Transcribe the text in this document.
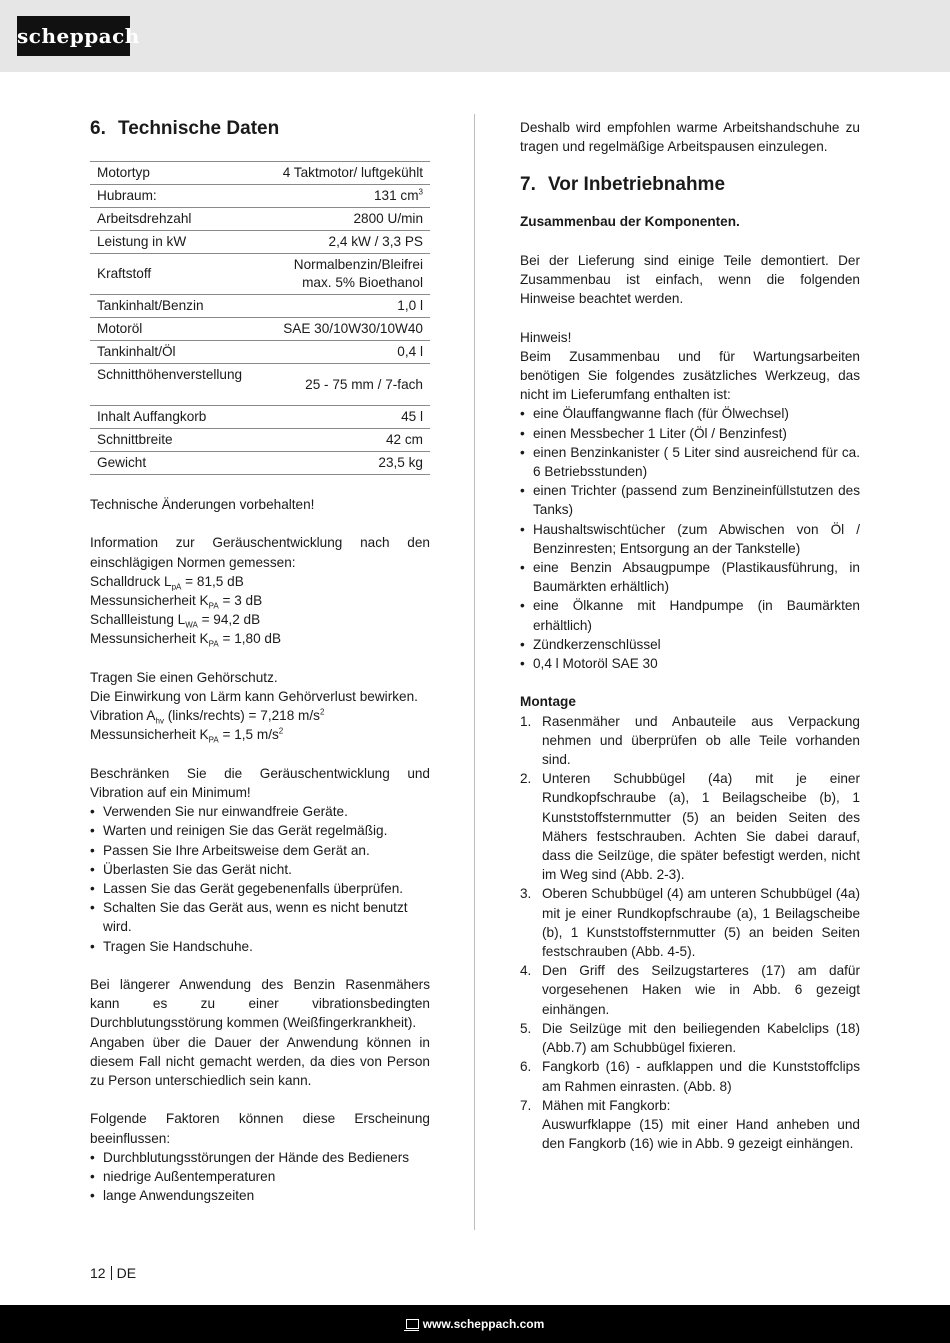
scheppach
6. Technische Daten
Motortyp	4 Taktmotor/ luftgekühlt
Hubraum:	131 $cm^3$
Arbeitsdrehzahl	2800 U/min
Leistung in kW	2,4 kW / 3,3 PS
Kraftstoff	Normalbenzin/Bleifrei
max. 5% Bioethanol

Tankinhalt/Benzin	1,0 l
Motoröl	SAE 30/10W30/10W40
Tankinhalt/Öl	0,4 l
Schnitthöhenverstellung	25 - 75 mm / 7-fach
Inhalt Auffangkorb	45 l
Schnittbreite	42 cm
Gewicht	23,5 kg

Technische Änderungen vorbehalten!

Information zur Geräuschentwicklung nach den einschlägigen Normen gemessen:

Schalldruck $L_{pA} = 81,5$ dB

Messunsicherheit $K_{PA} = 3$ dB

Schallleistung $L_{WA} = 94,2$ dB

Messunsicherheit $K_{PA} = 1,80$ dB

Tragen Sie einen Gehörschutz.

Die Einwirkung von Lärm kann Gehörverlust bewirken.

Vibration $A_{hv}$ (links/rechts) = 7,218 $m/s^2$

Messunsicherheit $K_{PA} = 1,5$ $m/s^2$

Beschränken Sie die Geräuschentwicklung und Vibration auf ein Minimum!

• Verwenden Sie nur einwandfreie Geräte.
• Warten und reinigen Sie das Gerät regelmäßig.
• Passen Sie Ihre Arbeitsweise dem Gerät an.
• Überlasten Sie das Gerät nicht.
• Lassen Sie das Gerät gegebenenfalls überprüfen.
• Schalten Sie das Gerät aus, wenn es nicht benutzt wird.
• Tragen Sie Handschuhe.

Bei längerer Anwendung des Benzin Rasenmähers kann es zu einer vibrationsbedingten Durchblutungsstörung kommen (Weißfingerkrankheit).

Angaben über die Dauer der Anwendung können in diesem Fall nicht gemacht werden, da dies von Person zu Person unterschiedlich sein kann.

Folgende Faktoren können diese Erscheinung beeinflussen:

• Durchblutungsstörungen der Hände des Bedieners
• niedrige Außentemperaturen
• lange Anwendungszeiten

Deshalb wird empfohlen warme Arbeitshandschuhe zu tragen und regelmäßige Arbeitspausen einzulegen.

7. Vor Inbetriebnahme

Zusammenbau der Komponenten.

Bei der Lieferung sind einige Teile demontiert. Der Zusammenbau ist einfach, wenn die folgenden Hinweise beachtet werden.

Hinweis!

Beim Zusammenbau und für Wartungsarbeiten benötigen Sie folgendes zusätzliches Werkzeug, das nicht im Lieferumfang enthalten ist:

• eine Ölauffangwanne flach (für Ölwechsel)
• einen Messbecher 1 Liter (Öl / Benzinfest)
• einen Benzinkanister ( 5 Liter sind ausreichend für ca. 6 Betriebsstunden)
• einen Trichter (passend zum Benzineinfüllstutzen des Tanks)
• Haushaltswischtücher (zum Abwischen von Öl / Benzinresten; Entsorgung an der Tankstelle)
• eine Benzin Absaugpumpe (Plastikausführung, in Baumärkten erhältlich)
• eine Ölkanne mit Handpumpe (in Baumärkten erhältlich)
• Zündkerzenschlüssel
• 0,4 l Motoröl SAE 30

Montage

1. Rasenmäher und Anbauteile aus Verpackung nehmen und überprüfen ob alle Teile vorhanden sind.
2. Unteren Schubbügel (4a) mit je einer Rundkopfschraube (a), 1 Beilagscheibe (b), 1 Kunststoffsternmutter (5) an beiden Seiten des Mähers festschrauben. Achten Sie dabei darauf, dass die Seilzüge, die später befestigt werden, nicht im Weg sind (Abb. 2-3).
3. Oberen Schubbügel (4) am unteren Schubbügel (4a) mit je einer Rundkopfschraube (a), 1 Beilagscheibe (b), 1 Kunststoffsternmutter (5) an beiden Seiten festschrauben (Abb. 4-5).
4. Den Griff des Seilzugstarteres (17) am dafür vorgesehenen Haken wie in Abb. 6 gezeigt einhängen.
5. Die Seilzüge mit den beiliegenden Kabelclips (18) (Abb.7) am Schubbügel fixieren.
6. Fangkorb (16) - aufklappen und die Kunststoffclips am Rahmen einrasten. (Abb. 8)
7. Mähen mit Fangkorb:
Auswurfklappe (15) mit einer Hand anheben und den Fangkorb (16) wie in Abb. 9 gezeigt einhängen.
12 DE
www.scheppach.com
